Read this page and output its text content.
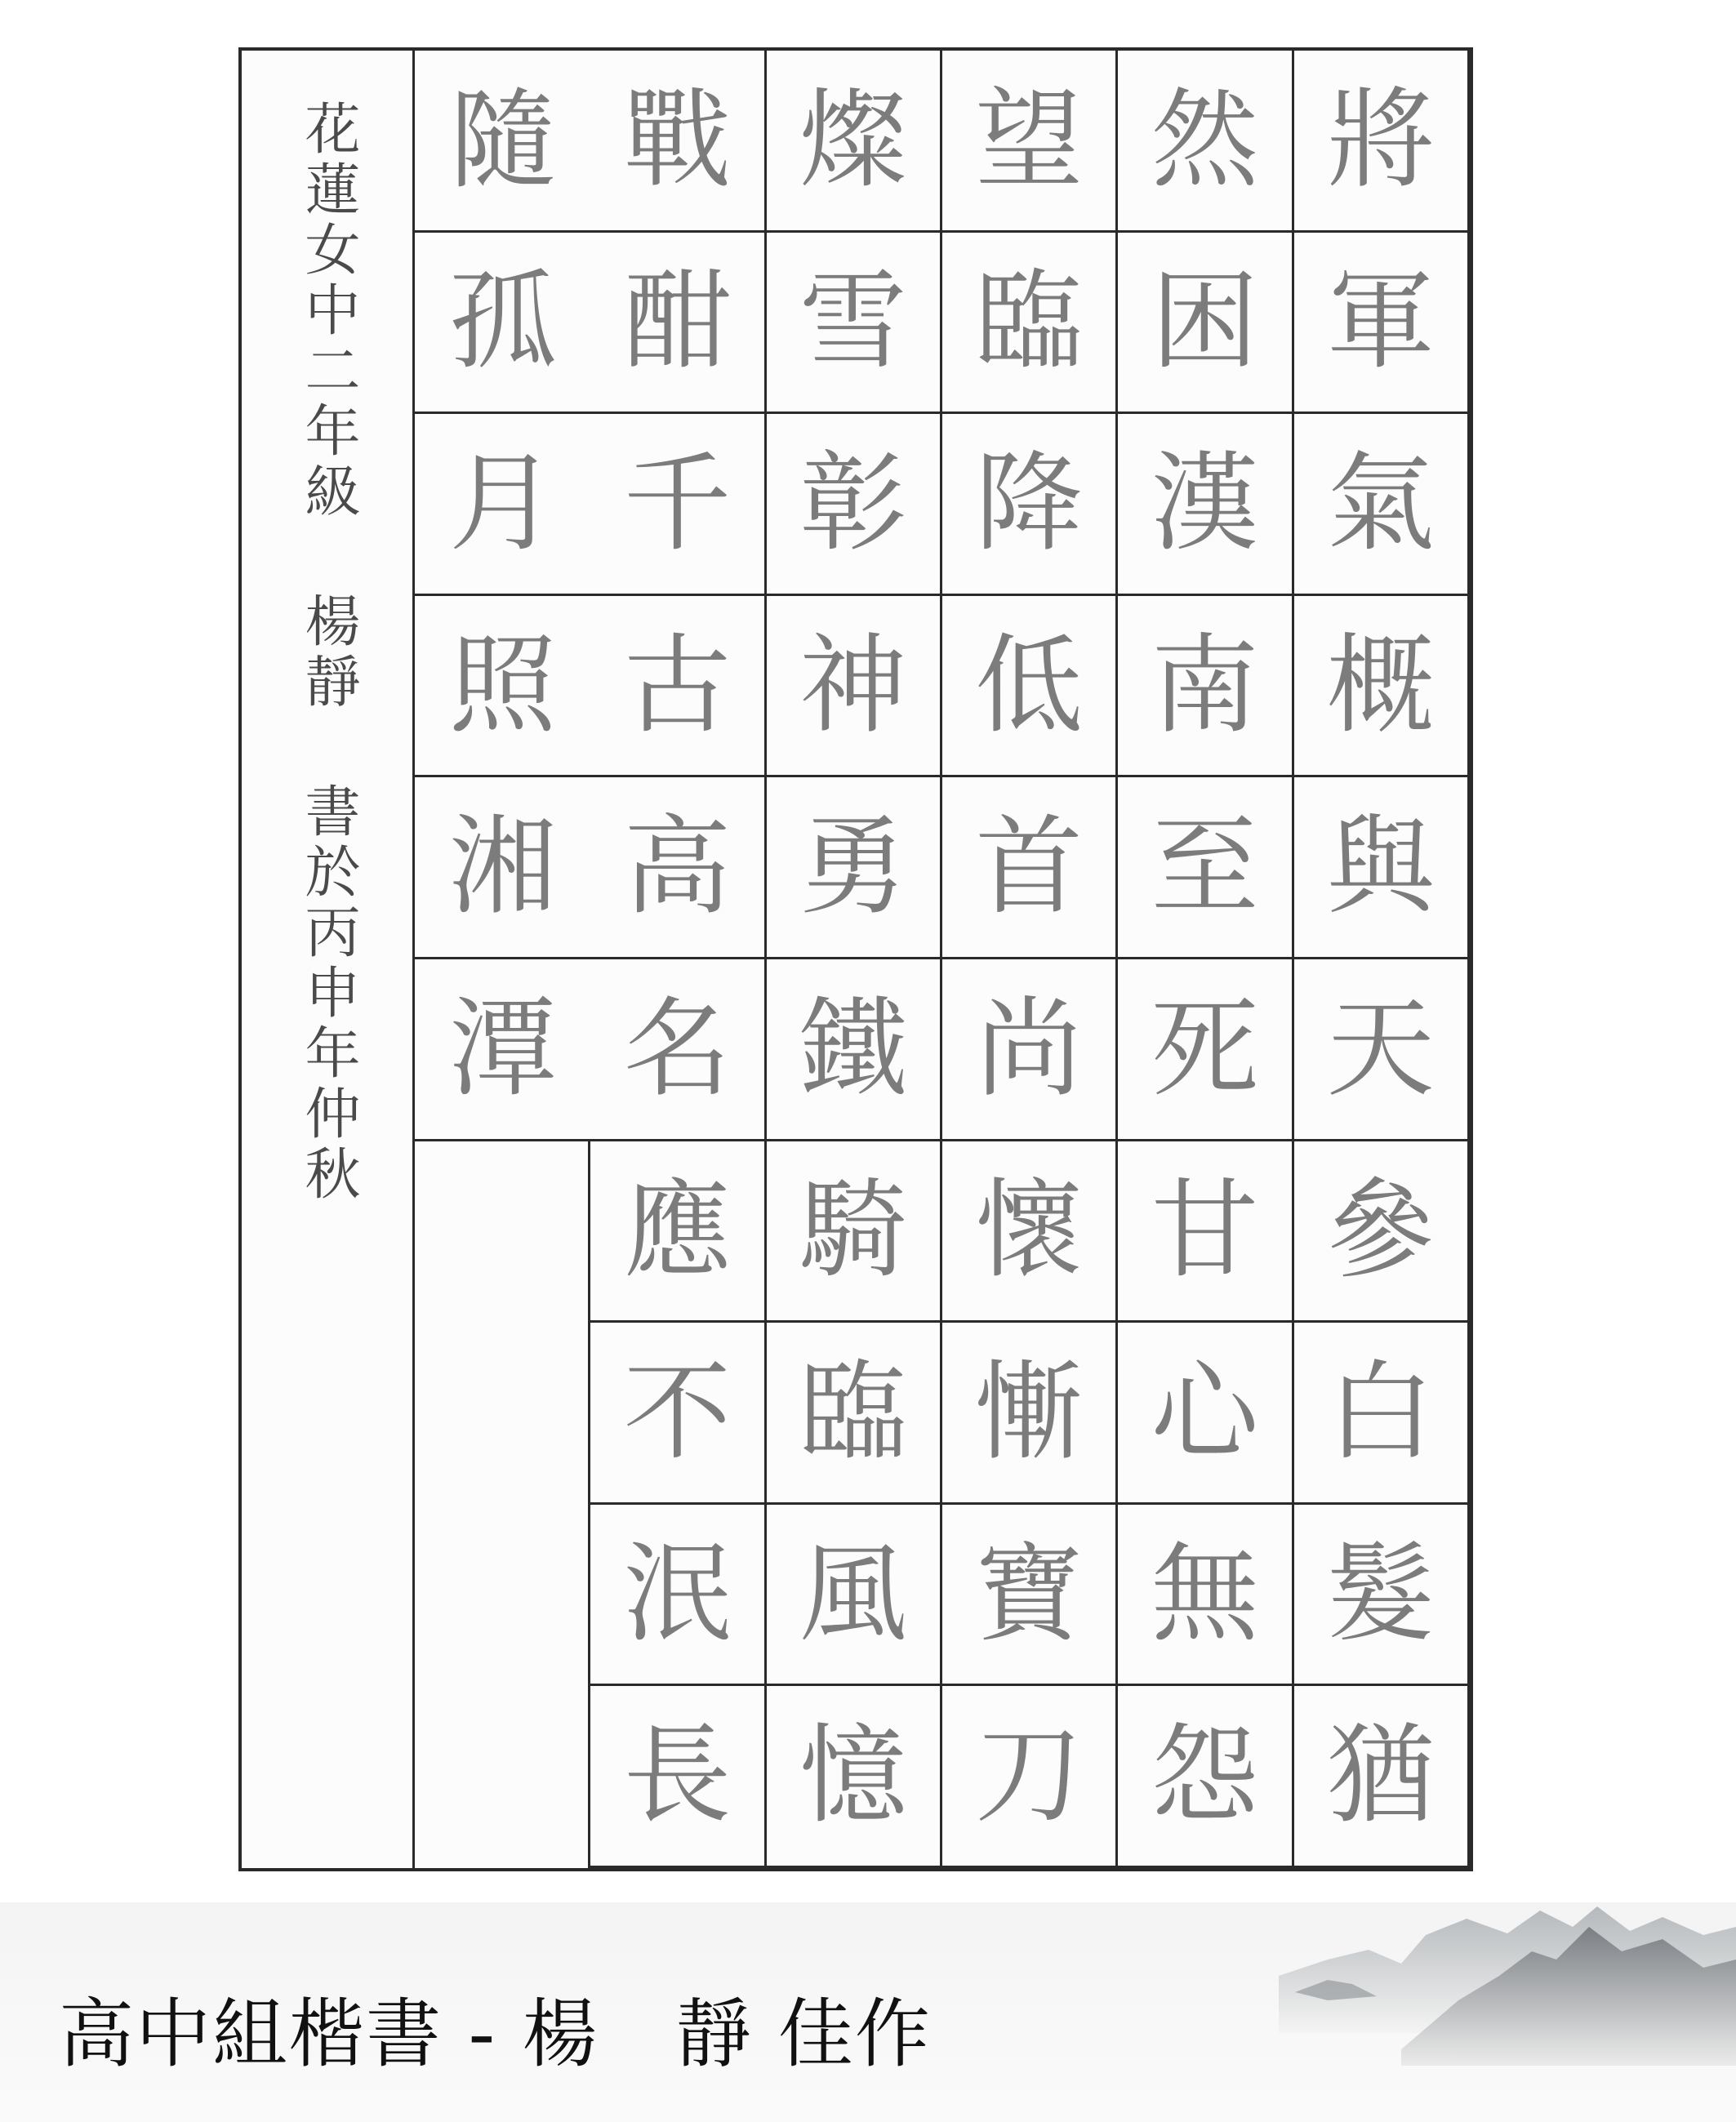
花蓮女中二年級 楊靜 書於丙申年仲秋	將
軍
氣
概
與
天
參
白
髮
猶
然
困
漢
南
至
死
甘
心
無
怨
望
臨
降
低
首
尚
懷
慚
寶
刀
燦
雪
彰
神
勇
鐵
騎
臨
風
憶
戰
酣
千
古
高
名
應
不
泯
長
隨
孤
月
照
湘
潭
高中組楷書 - 楊　靜 佳作
